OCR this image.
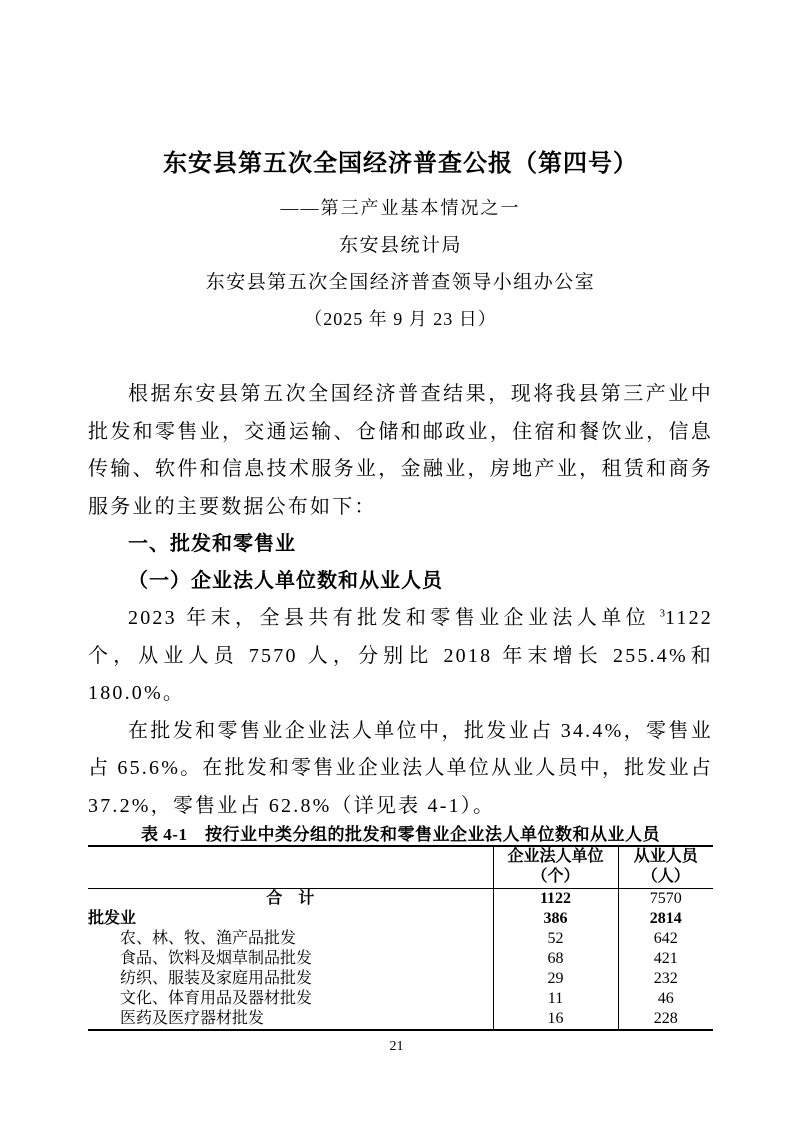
东安县第五次全国经济普查公报（第四号）
——第三产业基本情况之一
东安县统计局
东安县第五次全国经济普查领导小组办公室
（2025 年 9 月 23 日）

根据东安县第五次全国经济普查结果，现将我县第三产业中批发和零售业，交通运输、仓储和邮政业，住宿和餐饮业，信息传输、软件和信息技术服务业，金融业，房地产业，租赁和商务服务业的主要数据公布如下：

一、批发和零售业
（一）企业法人单位数和从业人员

2023 年末，全县共有批发和零售业企业法人单位 $^3$1122 个，从业人员 7570 人，分别比 2018 年末增长 255.4%和 180.0%。

在批发和零售业企业法人单位中，批发业占 34.4%，零售业占 65.6%。在批发和零售业企业法人单位从业人员中，批发业占 37.2%，零售业占 62.8%（详见表 4-1）。

表 4-1　按行业中类分组的批发和零售业企业法人单位数和从业人员

	企业法人单位
（个）	从业人员
（人）

合　计	1122	7570
批发业	386	2814
农、林、牧、渔产品批发	52	642
食品、饮料及烟草制品批发	68	421
纺织、服装及家庭用品批发	29	232
文化、体育用品及器材批发	11	46
医药及医疗器材批发	16	228
21
